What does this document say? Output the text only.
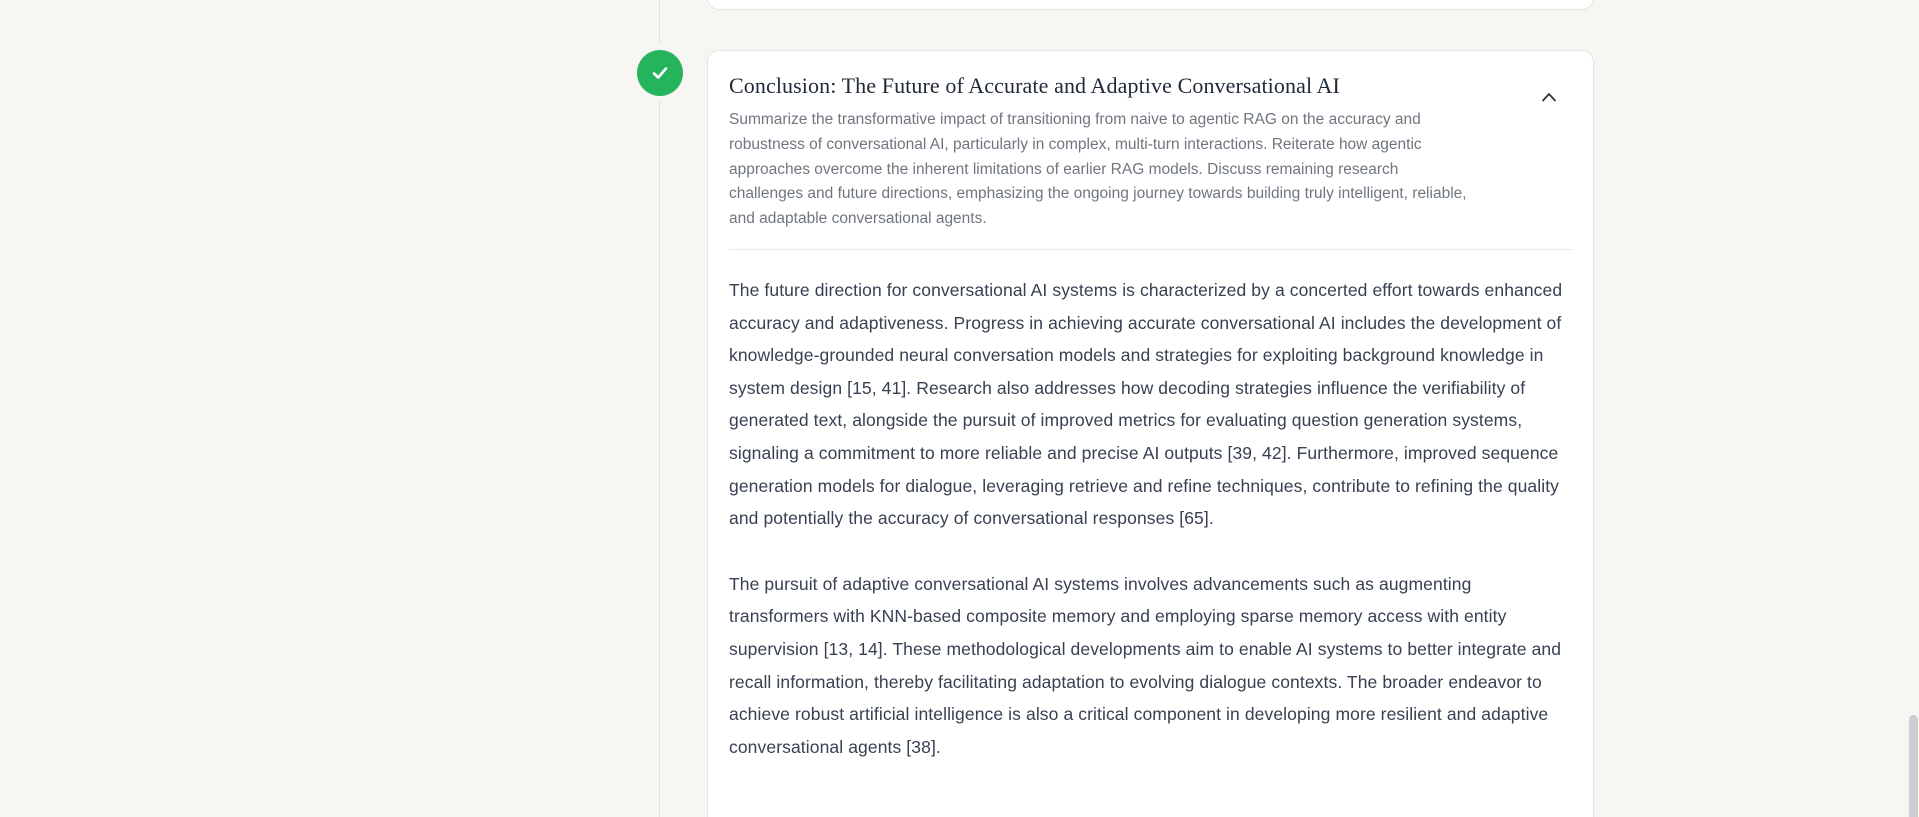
Conclusion: The Future of Accurate and Adaptive Conversational AI

Summarize the transformative impact of transitioning from naive to agentic RAG on the accuracy and robustness of conversational AI, particularly in complex, multi-turn interactions. Reiterate how agentic approaches overcome the inherent limitations of earlier RAG models. Discuss remaining research challenges and future directions, emphasizing the ongoing journey towards building truly intelligent, reliable, and adaptable conversational agents.

The future direction for conversational AI systems is characterized by a concerted effort towards enhanced accuracy and adaptiveness. Progress in achieving accurate conversational AI includes the development of knowledge-grounded neural conversation models and strategies for exploiting background knowledge in system design [15, 41]. Research also addresses how decoding strategies influence the verifiability of generated text, alongside the pursuit of improved metrics for evaluating question generation systems, signaling a commitment to more reliable and precise AI outputs [39, 42]. Furthermore, improved sequence generation models for dialogue, leveraging retrieve and refine techniques, contribute to refining the quality and potentially the accuracy of conversational responses [65].

The pursuit of adaptive conversational AI systems involves advancements such as augmenting transformers with KNN-based composite memory and employing sparse memory access with entity supervision [13, 14]. These methodological developments aim to enable AI systems to better integrate and recall information, thereby facilitating adaptation to evolving dialogue contexts. The broader endeavor to achieve robust artificial intelligence is also a critical component in developing more resilient and adaptive conversational agents [38].
